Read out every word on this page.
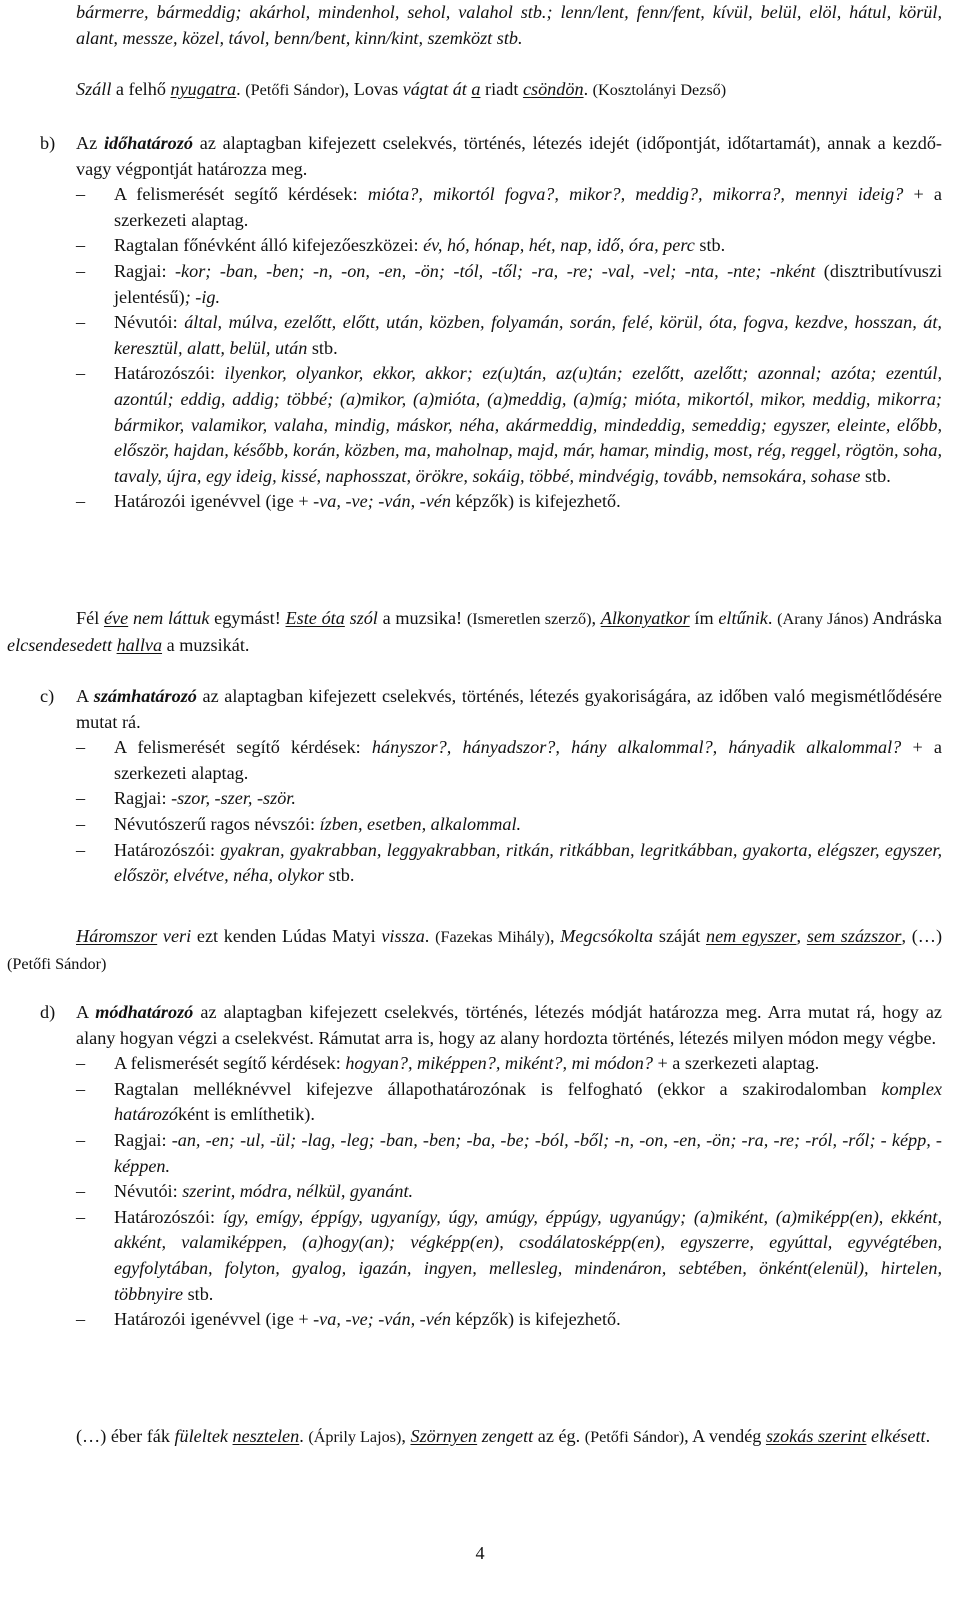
bármerre, bármeddig; akárhol, mindenhol, sehol, valahol stb.; lenn/lent, fenn/fent, kívül, belül, elöl, hátul, körül, alant, messze, közel, távol, benn/bent, kinn/kint, szemközt stb.

Száll a felhő nyugatra. (Petőfi Sándor), Lovas vágtat át a riadt csöndön. (Kosztolányi Dezső)

b)	Az időhatározó az alaptagban kifejezett cselekvés, történés, létezés idejét (időpontját, időtartamát), annak a kezdő- vagy végpontját határozza meg.

– A felismerését segítő kérdések: mióta?, mikortól fogva?, mikor?, meddig?, mikorra?, mennyi ideig? + a szerkezeti alaptag.
– Ragtalan főnévként álló kifejezőeszközei: év, hó, hónap, hét, nap, idő, óra, perc stb.
– Ragjai: -kor; -ban, -ben; -n, -on, -en, -ön; -tól, -től; -ra, -re; -val, -vel; -nta, -nte; -nként (disztributívuszi jelentésű); -ig.
– Névutói: által, múlva, ezelőtt, előtt, után, közben, folyamán, során, felé, körül, óta, fogva, kezdve, hosszan, át, keresztül, alatt, belül, után stb.
– Határozószói: ilyenkor, olyankor, ekkor, akkor; ez(u)tán, az(u)tán; ezelőtt, azelőtt; azonnal; azóta; ezentúl, azontúl; eddig, addig; többé; (a)mikor, (a)mióta, (a)meddig, (a)míg; mióta, mikortól, mikor, meddig, mikorra; bármikor, valamikor, valaha, mindig, máskor, néha, akármeddig, mindeddig, semeddig; egyszer, eleinte, előbb, először, hajdan, később, korán, közben, ma, maholnap, majd, már, hamar, mindig, most, rég, reggel, rögtön, soha, tavaly, újra, egy ideig, kissé, naphosszat, örökre, sokáig, többé, mindvégig, tovább, nemsokára, sohase stb.
– Határozói igenévvel (ige + -va, -ve; -ván, -vén képzők) is kifejezhető.

Fél éve nem láttuk egymást! Este óta szól a muzsika! (Ismeretlen szerző), Alkonyatkor ím eltűnik. (Arany János) Andráska elcsendesedett hallva a muzsikát.

c)	A számhatározó az alaptagban kifejezett cselekvés, történés, létezés gyakoriságára, az időben való megismétlődésére mutat rá.

– A felismerését segítő kérdések: hányszor?, hányadszor?, hány alkalommal?, hányadik alkalommal? + a szerkezeti alaptag.
– Ragjai: -szor, -szer, -ször.
– Névutószerű ragos névszói: ízben, esetben, alkalommal.
– Határozószói: gyakran, gyakrabban, leggyakrabban, ritkán, ritkábban, legritkábban, gyakorta, elégszer, egyszer, először, elvétve, néha, olykor stb.

Háromszor veri ezt kenden Lúdas Matyi vissza. (Fazekas Mihály), Megcsókolta száját nem egyszer, sem százszor, (…) (Petőfi Sándor)

d)	A módhatározó az alaptagban kifejezett cselekvés, történés, létezés módját határozza meg. Arra mutat rá, hogy az alany hogyan végzi a cselekvést. Rámutat arra is, hogy az alany hordozta történés, létezés milyen módon megy végbe.

– A felismerését segítő kérdések: hogyan?, miképpen?, miként?, mi módon? + a szerkezeti alaptag.
– Ragtalan melléknévvel kifejezve állapothatározónak is felfogható (ekkor a szakirodalomban komplex határozóként is említhetik).
– Ragjai: -an, -en; -ul, -ül; -lag, -leg; -ban, -ben; -ba, -be; -ból, -ből; -n, -on, -en, -ön; -ra, -re; -ról, -ről; - képp, -képpen.
– Névutói: szerint, módra, nélkül, gyanánt.
– Határozószói: így, emígy, éppígy, ugyanígy, úgy, amúgy, éppúgy, ugyanúgy; (a)miként, (a)miképp(en), ekként, akként, valamiképpen, (a)hogy(an); végképp(en), csodálatosképp(en), egyszerre, egyúttal, egyvégtében, egyfolytában, folyton, gyalog, igazán, ingyen, mellesleg, mindenáron, sebtében, önként(elenül), hirtelen, többnyire stb.
– Határozói igenévvel (ige + -va, -ve; -ván, -vén képzők) is kifejezhető.

(…) éber fák füleltek nesztelen. (Áprily Lajos), Szörnyen zengett az ég. (Petőfi Sándor), A vendég szokás szerint elkésett.

4
